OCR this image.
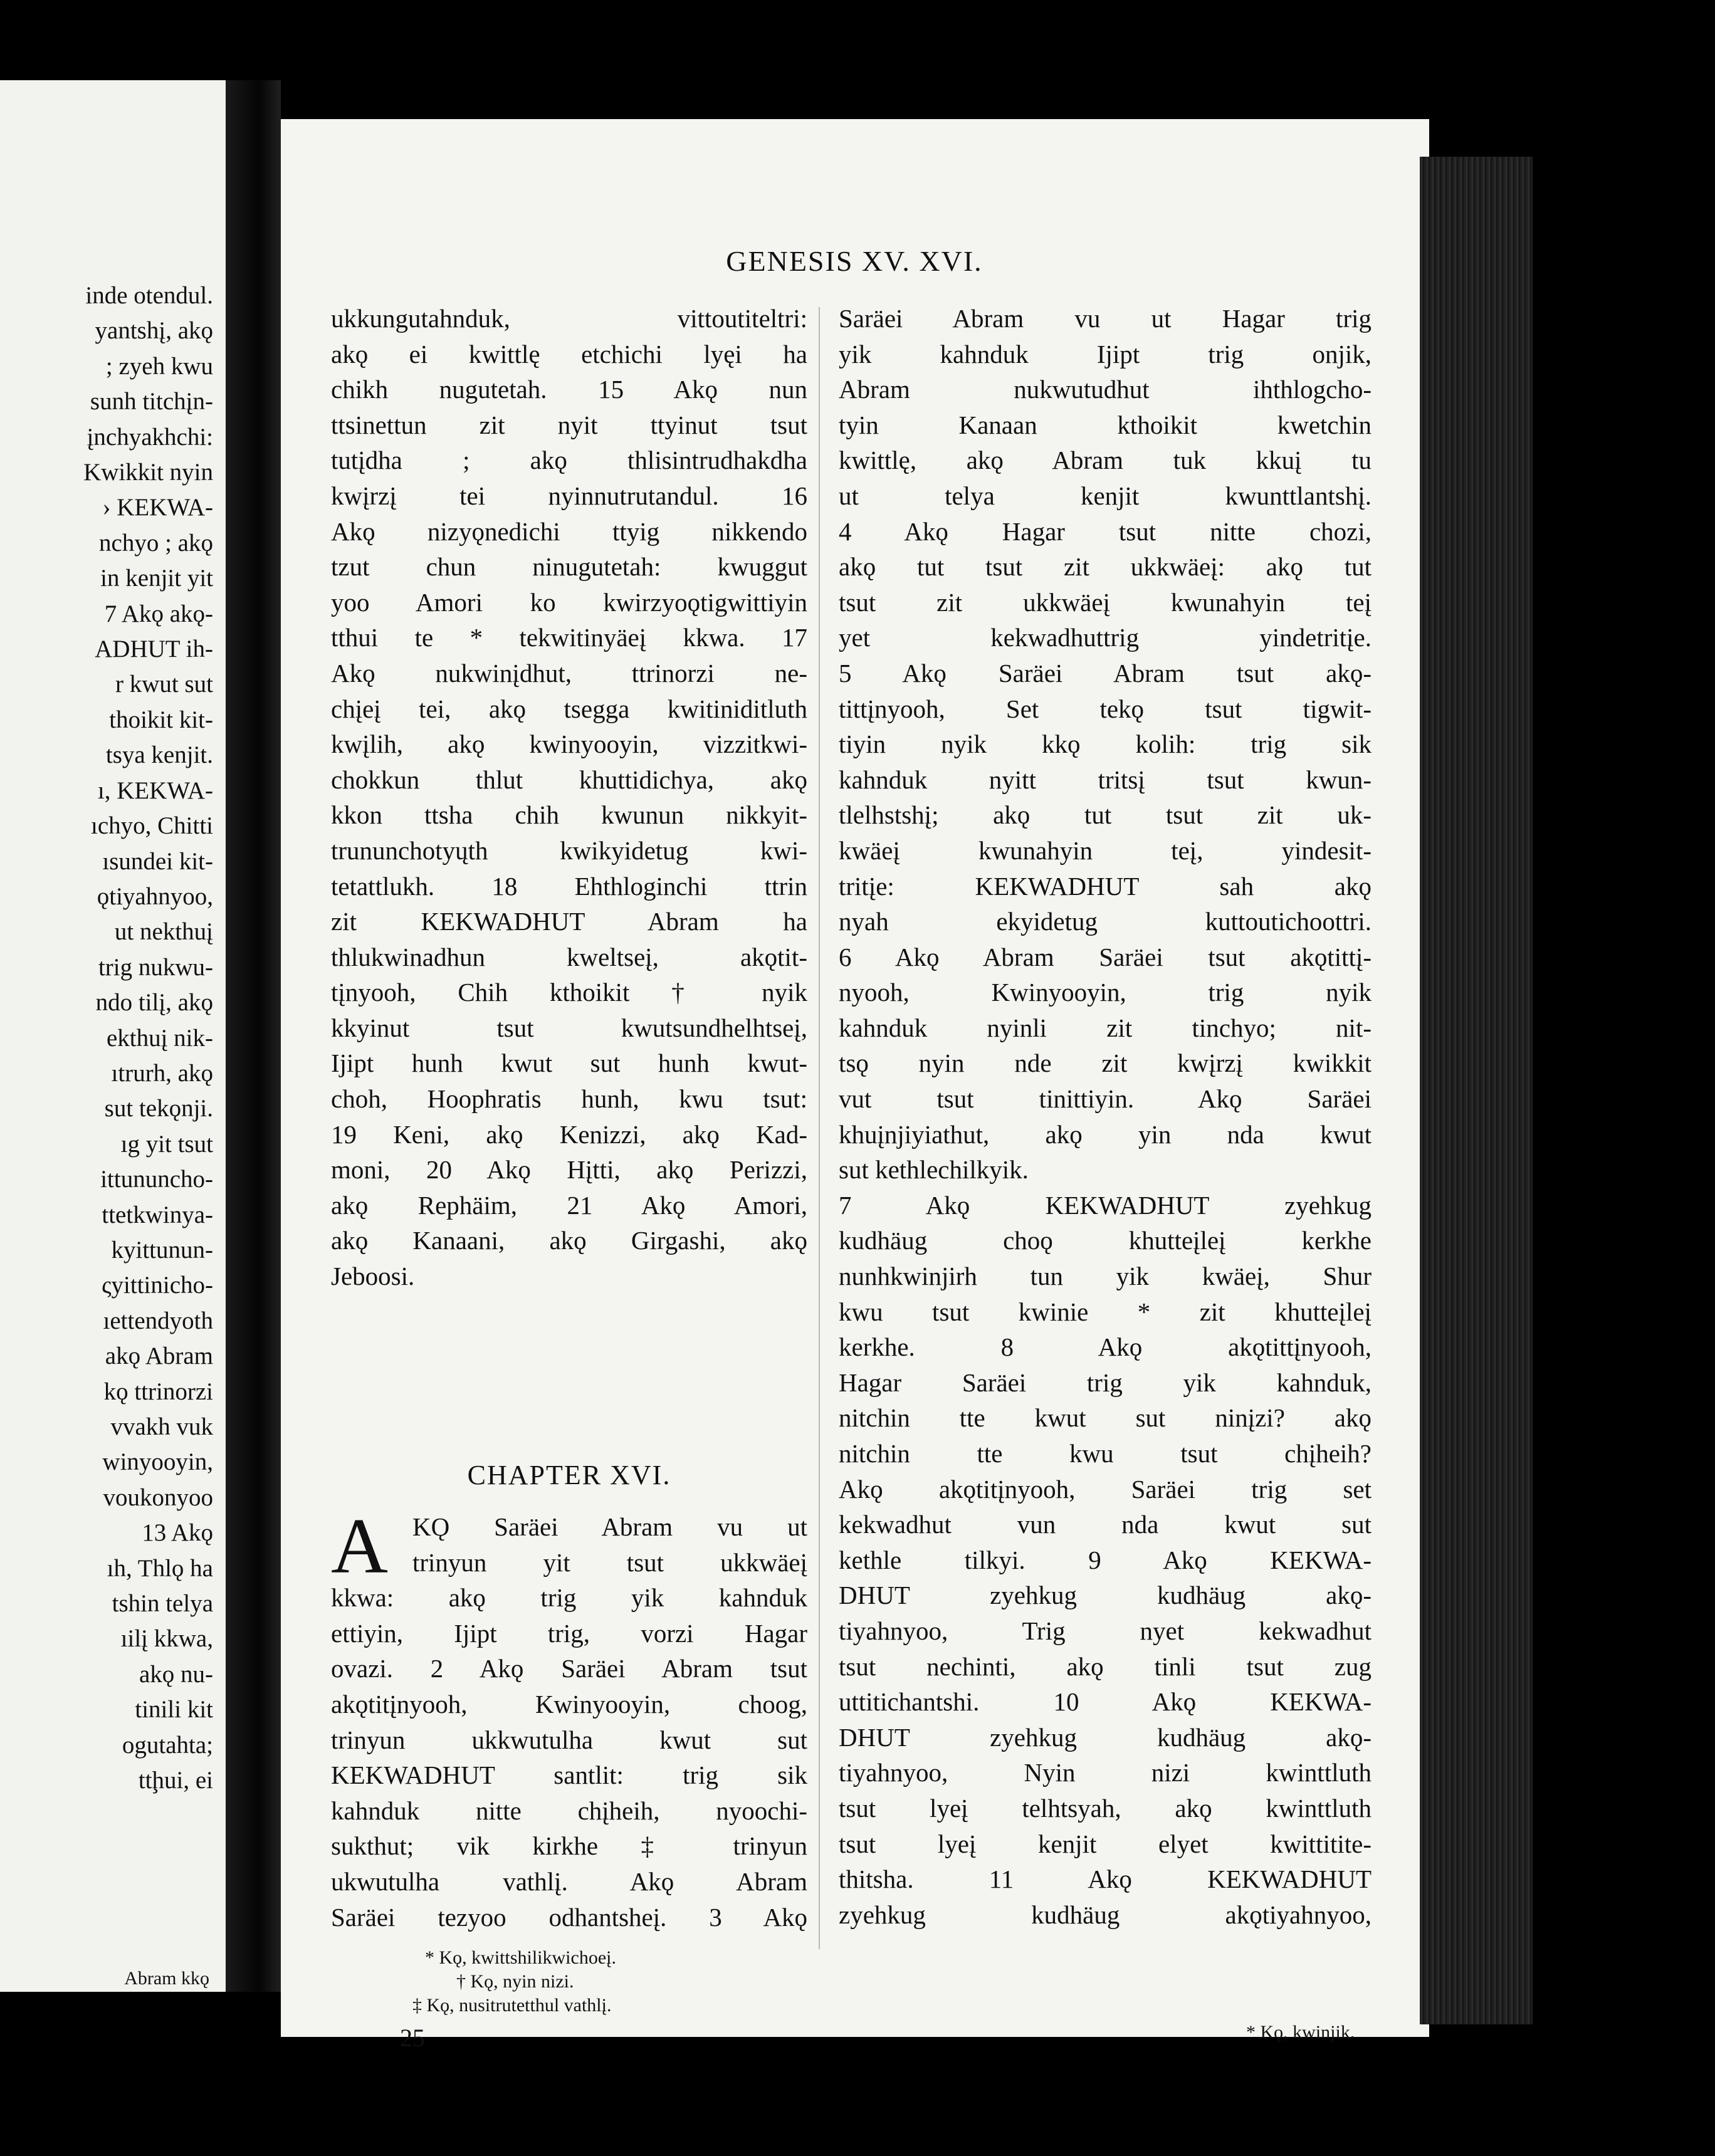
inde otendul.
yantshį, akǫ
; zyeh kwu
sunh titchįn-
įnchyakhchi:
Kwikkit nyin
› KEKWA-
nchyo ; akǫ
in kenjit yit
7 Akǫ akǫ-
ADHUT ih-
r kwut sut
thoikit kit-
tsya kenjit.
ı, KEKWA-
ıchyo, Chitti
ısundei kit-
ǫtiyahnyoo,
ut nekthuį
trig nukwu-
ndo tilį, akǫ
ekthuį nik-
ıtrurh, akǫ
sut tekǫnji.
ıg yit tsut
ittununcho-
ttetkwinya-
kyittunun-
ςyittinicho-
ıettendyoth
akǫ Abram
kǫ ttrinorzi
vvakh vuk
winyooyin,
voukonyoo
13 Akǫ
ıh, Thlǫ ha
tshin telya
ıilį kkwa,
akǫ nu-
tinili kit
ogutahta;
ttḩui, ei
Abram kkǫ
GENESIS XV. XVI.
ukkungutahnduk, vittoutiteltri:
akǫ ei kwittlę etchichi lyęi ha
chikh nugutetah. 15 Akǫ nun
ttsinettun zit nyit ttyinut tsut
tutįdha ; akǫ thlisintrudhakdha
kwįrzį tei nyinnutrutandul. 16
Akǫ nizyǫnedichi ttyig nikkendo
tzut chun ninugutetah: kwuggut
yoo Amori ko kwirzyoǫtigwittiyin
tthui te * tekwitinyäeį kkwa. 17
Akǫ nukwinįdhut, ttrinorzi ne-
chįeį tei, akǫ tsegga kwitiniditluth
kwįlih, akǫ kwinyooyin, vizzitkwi-
chokkun thlut khuttidichya, akǫ
kkon ttsha chih kwunun nikkyit-
trununchotyųth kwikyidetug kwi-
tetattlukh. 18 Ehthloginchi ttrin
zit KEKWADHUT Abram ha
thlukwinadhun kweltseį, akǫtit-
tįnyooh, Chih kthoikit † nyik
kkyinut tsut kwutsundhelhtseį,
Ijipt hunh kwut sut hunh kwut-
choh, Hoophratis hunh, kwu tsut:
19 Keni, akǫ Kenizzi, akǫ Kad-
moni, 20 Akǫ Hįtti, akǫ Perizzi,
akǫ Rephäim, 21 Akǫ Amori,
akǫ Kanaani, akǫ Girgashi, akǫ
Jeboosi.
Saräei Abram vu ut Hagar trig
yik kahnduk Ijipt trig onjik,
Abram nukwutudhut ihthlogcho-
tyin Kanaan kthoikit kwetchin
kwittlę, akǫ Abram tuk kkuį tu
ut telya kenjit kwunttlantshį.
4 Akǫ Hagar tsut nitte chozi,
akǫ tut tsut zit ukkwäeį: akǫ tut
tsut zit ukkwäeį kwunahyin teį
yet kekwadhuttrig yindetritįe.
5 Akǫ Saräei Abram tsut akǫ-
tittįnyooh, Set tekǫ tsut tigwit-
tiyin nyik kkǫ kolih: trig sik
kahnduk nyitt tritsį tsut kwun-
tlelhstshį; akǫ tut tsut zit uk-
kwäeį kwunahyin teį, yindesit-
tritįe: KEKWADHUT sah akǫ
nyah ekyidetug kuttoutichoottri.
6 Akǫ Abram Saräei tsut akǫtittį-
nyooh, Kwinyooyin, trig nyik
kahnduk nyinli zit tinchyo; nit-
tsǫ nyin nde zit kwįrzį kwikkit
vut tsut tinittiyin. Akǫ Saräei
khuįnjiyiathut, akǫ yin nda kwut
sut kethlechilkyik.
7 Akǫ KEKWADHUT zyehkug
kudhäug choǫ khutteįleį kerkhe
nunhkwinjirh tun yik kwäeį, Shur
kwu tsut kwinie * zit khutteįleį
kerkhe. 8 Akǫ akǫtittįnyooh,
Hagar Saräei trig yik kahnduk,
nitchin tte kwut sut ninįzi? akǫ
nitchin tte kwu tsut chįheih?
Akǫ akǫtitįnyooh, Saräei trig set
kekwadhut vun nda kwut sut
kethle tilkyi. 9 Akǫ KEKWA-
DHUT zyehkug kudhäug akǫ-
tiyahnyoo, Trig nyet kekwadhut
tsut nechinti, akǫ tinli tsut zug
uttitichantshi. 10 Akǫ KEKWA-
DHUT zyehkug kudhäug akǫ-
tiyahnyoo, Nyin nizi kwinttluth
tsut lyeį telhtsyah, akǫ kwinttluth
tsut lyeį kenjit elyet kwittitite-
thitsha. 11 Akǫ KEKWADHUT
zyehkug kudhäug akǫtiyahnyoo,
CHAPTER XVI.
A KǪ Saräei Abram vu ut
trinyun yit tsut ukkwäeį
kkwa: akǫ trig yik kahnduk
ettiyin, Ijipt trig, vorzi Hagar
ovazi. 2 Akǫ Saräei Abram tsut
akǫtitįnyooh, Kwinyooyin, choog,
trinyun ukkwutulha kwut sut
KEKWADHUT santlit: trig sik
kahnduk nitte chįheih, nyoochi-
sukthut; vik kirkhe ‡ trinyun
ukwutulha vathlį. Akǫ Abram
Saräei tezyoo odhantsheį. 3 Akǫ
* Kǫ, kwittshilikwichoeį.
† Kǫ, nyin nizi.
‡ Kǫ, nusitrutetthul vathlį.
25	* Kǫ, kwinjik.
